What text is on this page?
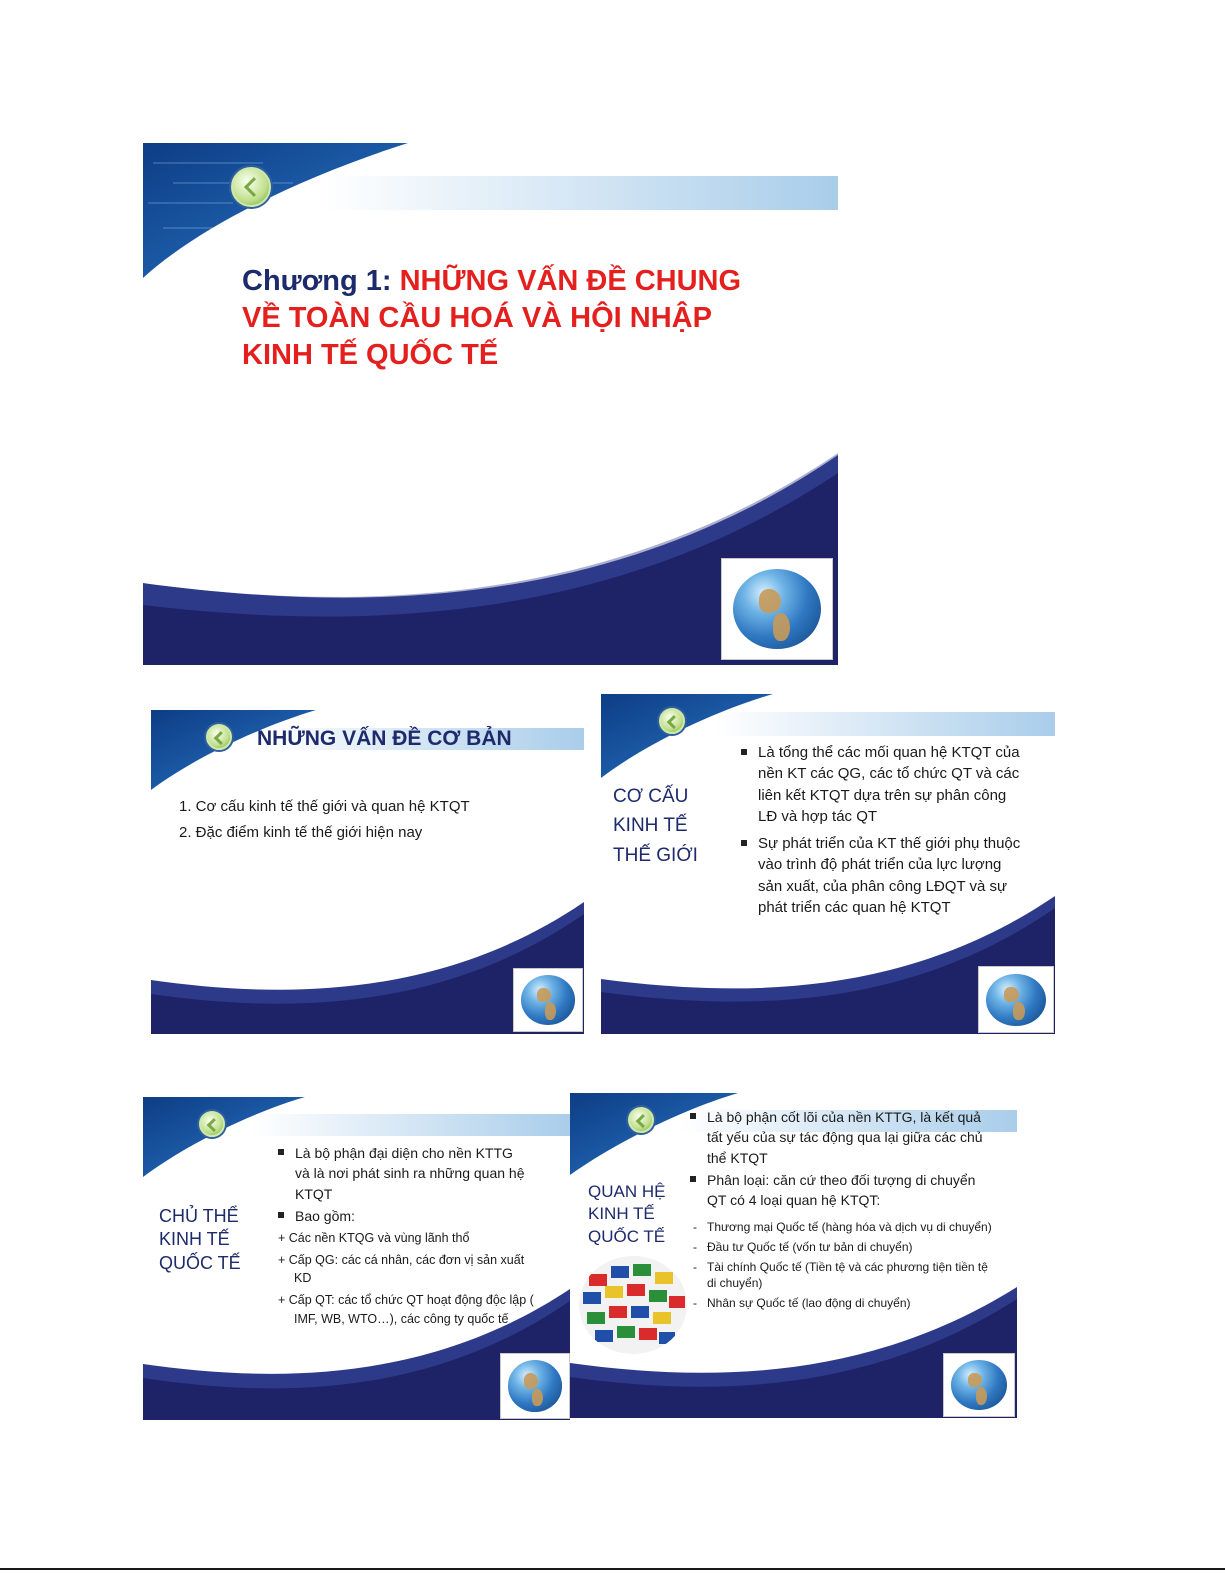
Chương 1: NHỮNG VẤN ĐỀ CHUNG VỀ TOÀN CẦU HOÁ VÀ HỘI NHẬP KINH TẾ QUỐC TẾ
NHỮNG VẤN ĐỀ CƠ BẢN
1. Cơ cấu kinh tế thế giới và quan hệ KTQT
2. Đặc điểm kinh tế thế giới hiện nay
CƠ CẤU
KINH TẾ
THẾ GIỚI
Là tổng thể các mối quan hệ KTQT của nền KT các QG, các tổ chức QT và các liên kết KTQT dựa trên sự phân công LĐ và hợp tác QT
Sự phát triển của KT thế giới phụ thuộc vào trình độ phát triển của lực lượng sản xuất, của phân công LĐQT và sự phát triển các quan hệ KTQT
CHỦ THỂ
KINH TẾ
QUỐC TẾ
Là bộ phận đại diện cho nền KTTG và là nơi phát sinh ra những quan hệ KTQT
Bao gồm:
+ Các nền KTQG và vùng lãnh thổ
+ Cấp QG: các cá nhân, các đơn vị sản xuất KD
+ Cấp QT: các tổ chức QT hoạt động độc lập ( IMF, WB, WTO…), các công ty quốc tế
QUAN HỆ
KINH TẾ
QUỐC TẾ
Là bộ phận cốt lõi của nền KTTG, là kết quả tất yếu của sự tác động qua lại giữa các chủ thể KTQT
Phân loại: căn cứ theo đối tượng di chuyển QT có 4 loại quan hệ KTQT:
- Thương mại Quốc tế (hàng hóa và dịch vụ di chuyển)
- Đầu tư Quốc tế (vốn tư bản di chuyển)
- Tài chính Quốc tế (Tiền tệ và các phương tiện tiền tệ di chuyển)
- Nhân sự Quốc tế (lao động di chuyển)
